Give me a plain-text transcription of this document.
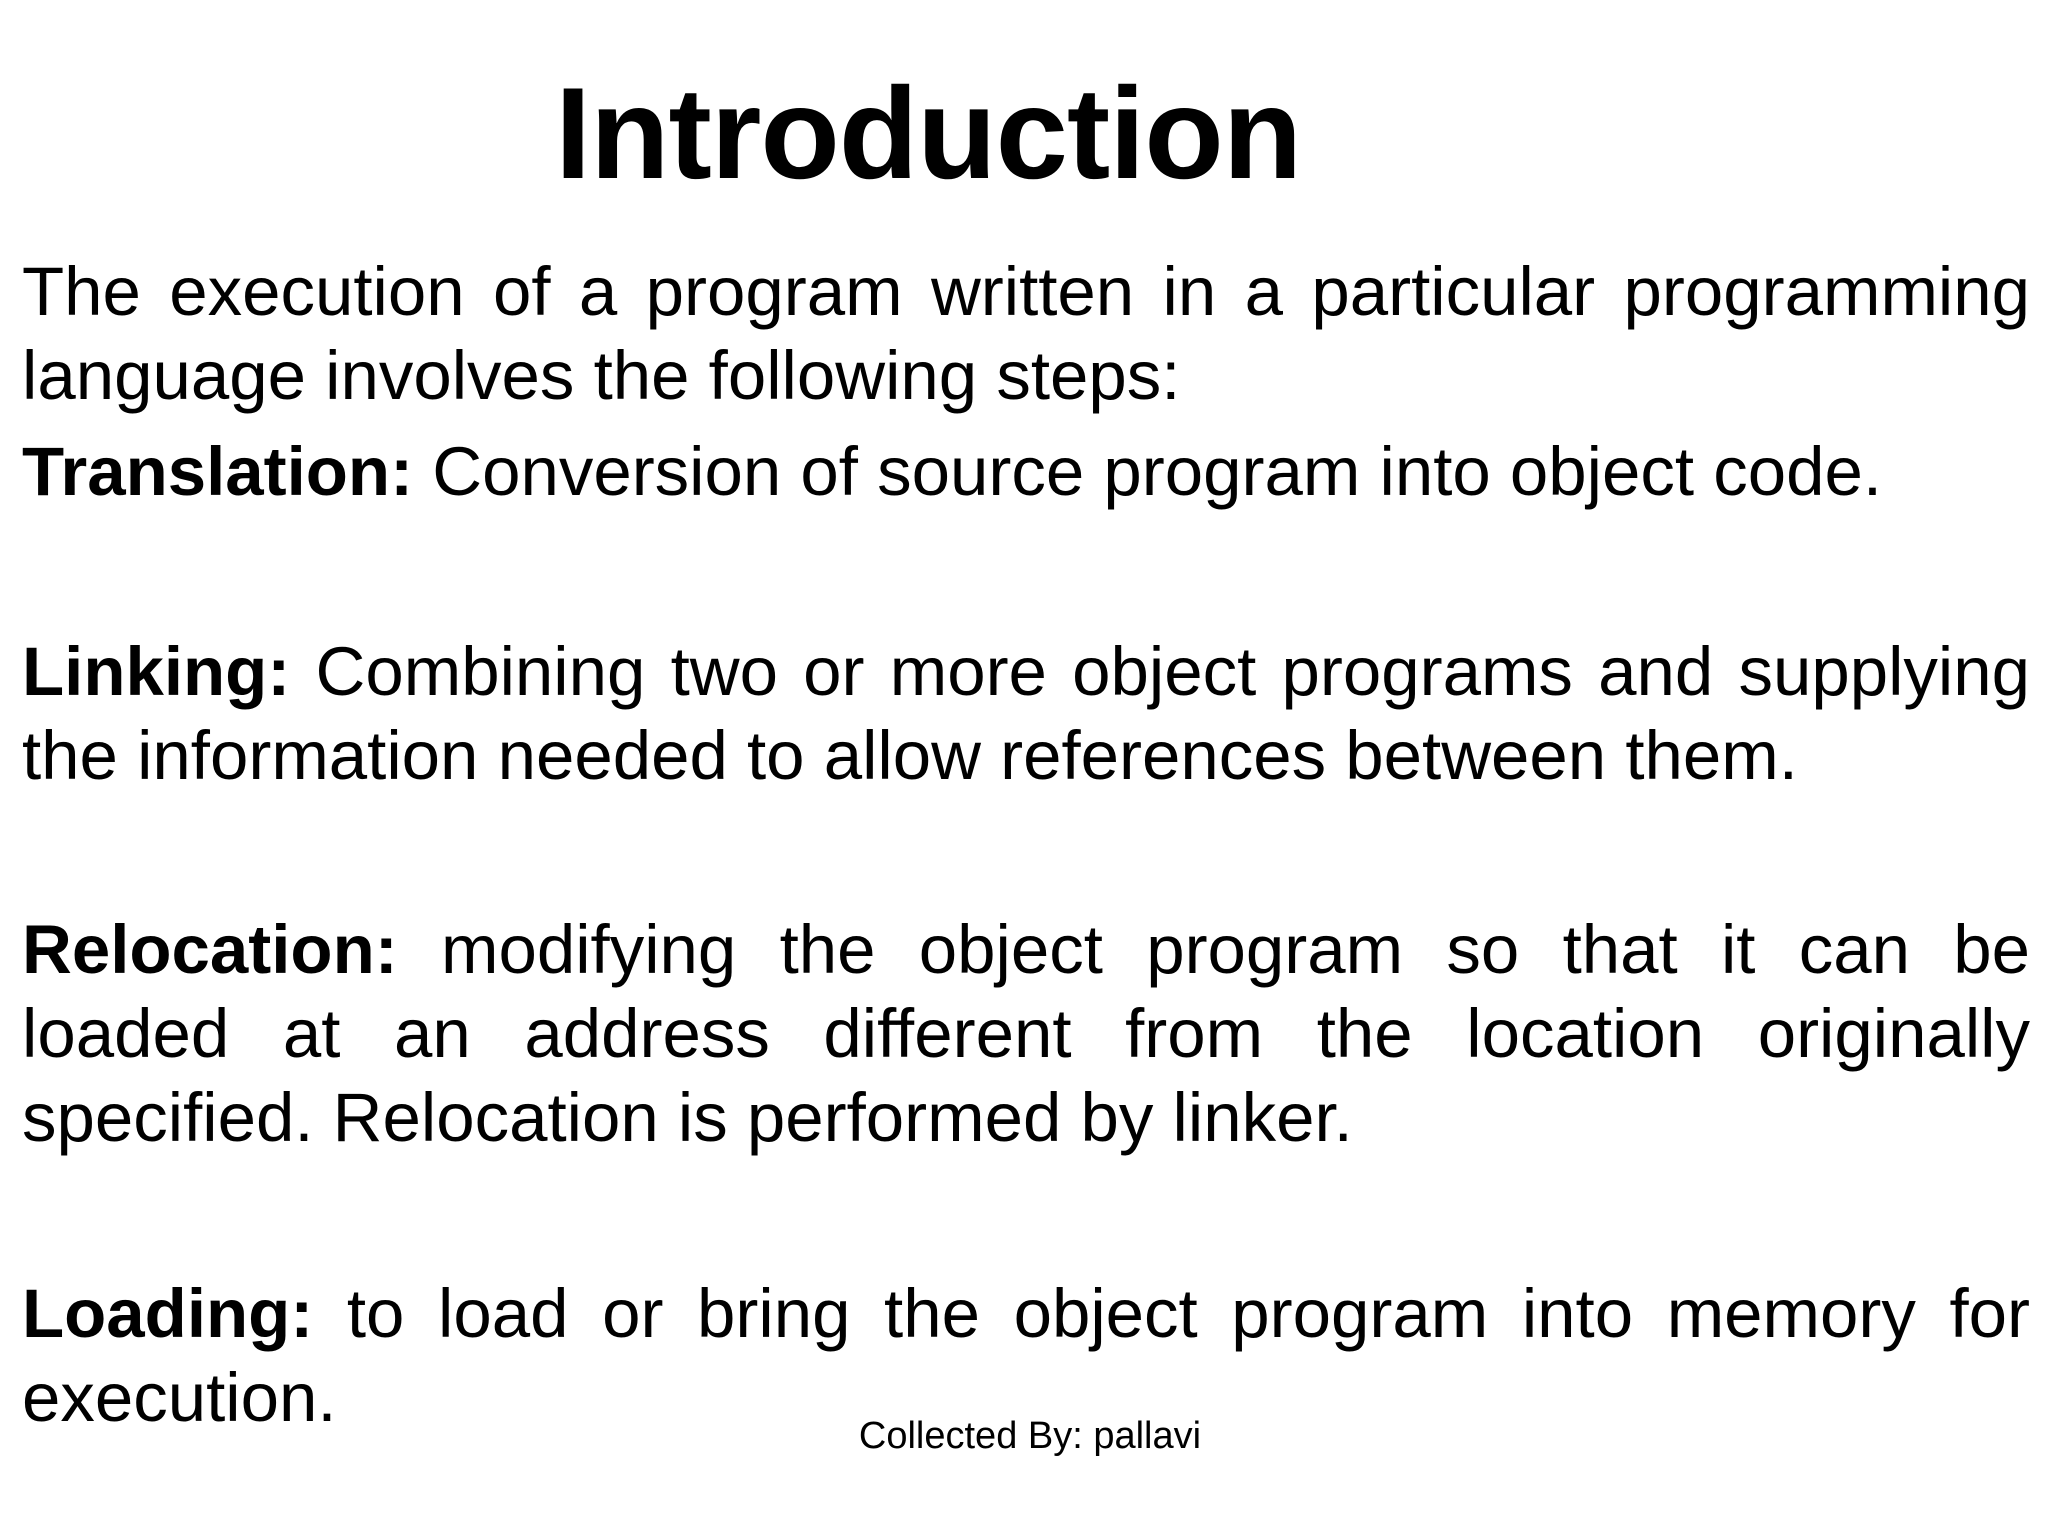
Introduction

The execution of a program written in a particular programming language involves the following steps:

Translation: Conversion of source program into object code.

Linking: Combining two or more object programs and supplying the information needed to allow references between them.

Relocation: modifying the object program so that it can be loaded at an address different from the location originally specified. Relocation is performed by linker.

Loading: to load or bring the object program into memory for execution.	Collected By: pallavi
